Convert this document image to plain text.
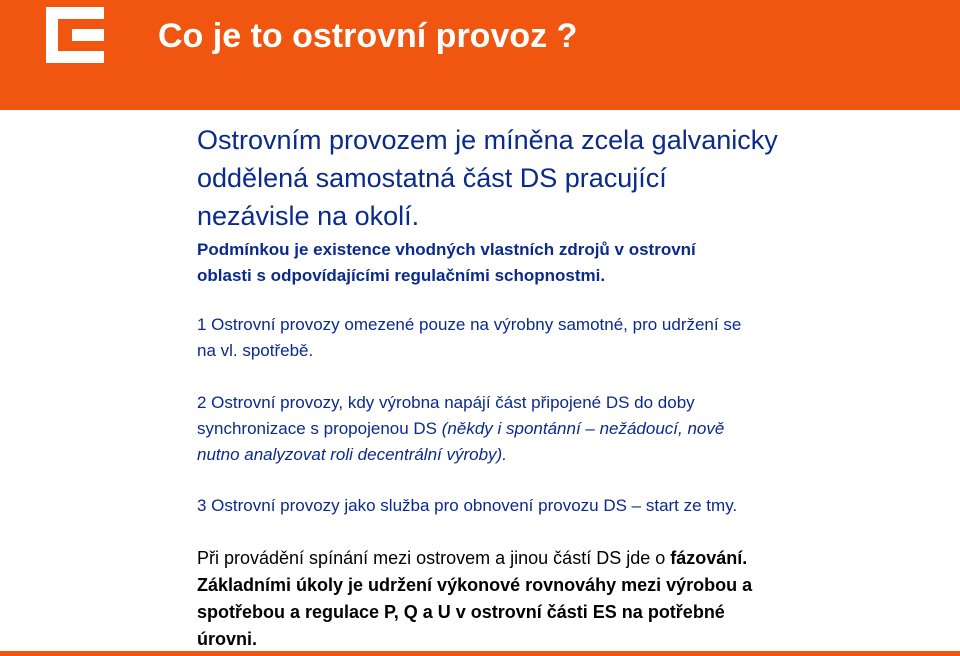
Co je to ostrovní provoz ?

Ostrovním provozem je míněna zcela galvanicky
oddělená samostatná část DS pracující
nezávisle na okolí.

Podmínkou je existence vhodných vlastních zdrojů v ostrovní
oblasti s odpovídajícími regulačními schopnostmi.

1 Ostrovní provozy omezené pouze na výrobny samotné, pro udržení se
na vl. spotřebě.

2 Ostrovní provozy, kdy výrobna napájí část připojené DS do doby
synchronizace s propojenou DS (někdy i spontánní – nežádoucí, nově
nutno analyzovat roli decentrální výroby).

3 Ostrovní provozy jako služba pro obnovení provozu DS – start ze tmy.

Při provádění spínání mezi ostrovem a jinou částí DS jde o fázování.
Základními úkoly je udržení výkonové rovnováhy mezi výrobou a
spotřebou a regulace P, Q a U v ostrovní části ES na potřebné
úrovni.
